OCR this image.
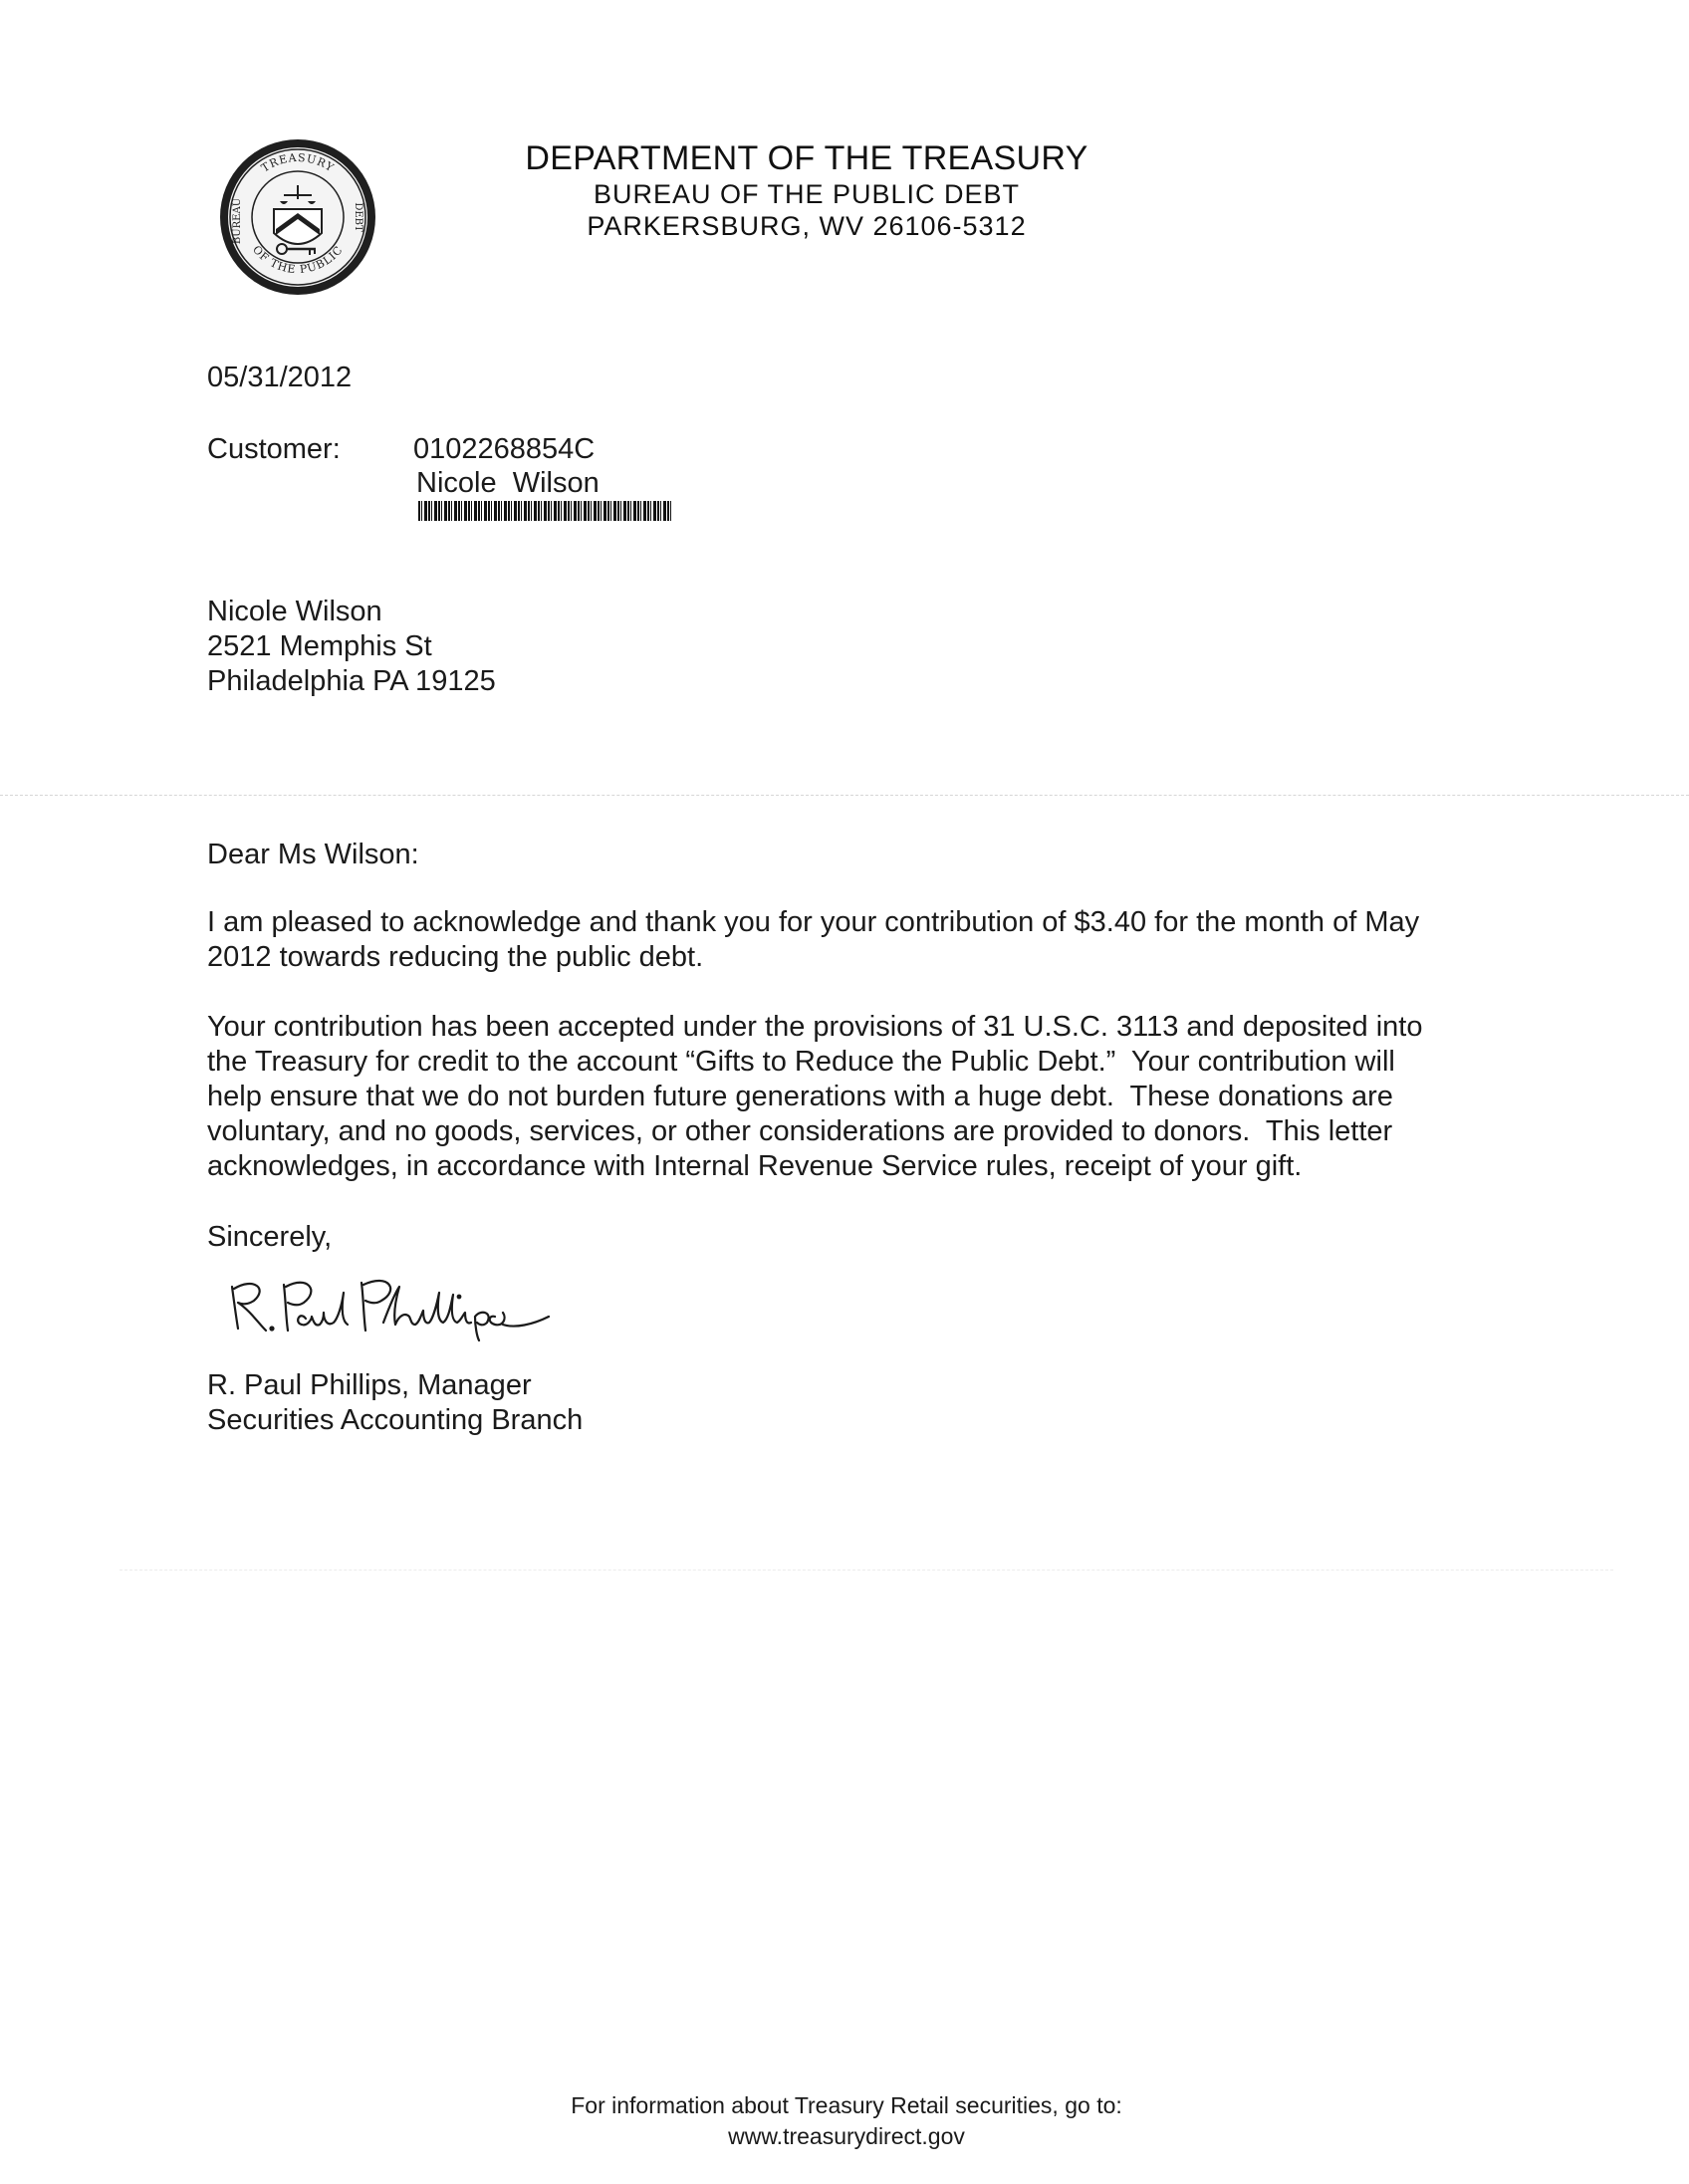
TREASURY
OF THE PUBLIC
BUREAU	DEBT
DEPARTMENT OF THE TREASURY
BUREAU OF THE PUBLIC DEBT
PARKERSBURG, WV 26106-5312
05/31/2012
Customer:	0102268854C
Nicole  Wilson
Nicole Wilson
2521 Memphis St
Philadelphia PA 19125
Dear Ms Wilson:
I am pleased to acknowledge and thank you for your contribution of $3.40 for the month of May
2012 towards reducing the public debt.
Your contribution has been accepted under the provisions of 31 U.S.C. 3113 and deposited into
the Treasury for credit to the account “Gifts to Reduce the Public Debt.”  Your contribution will
help ensure that we do not burden future generations with a huge debt.  These donations are
voluntary, and no goods, services, or other considerations are provided to donors.  This letter
acknowledges, in accordance with Internal Revenue Service rules, receipt of your gift.
Sincerely,
R. Paul Phillips, Manager
Securities Accounting Branch
For information about Treasury Retail securities, go to:
www.treasurydirect.gov
